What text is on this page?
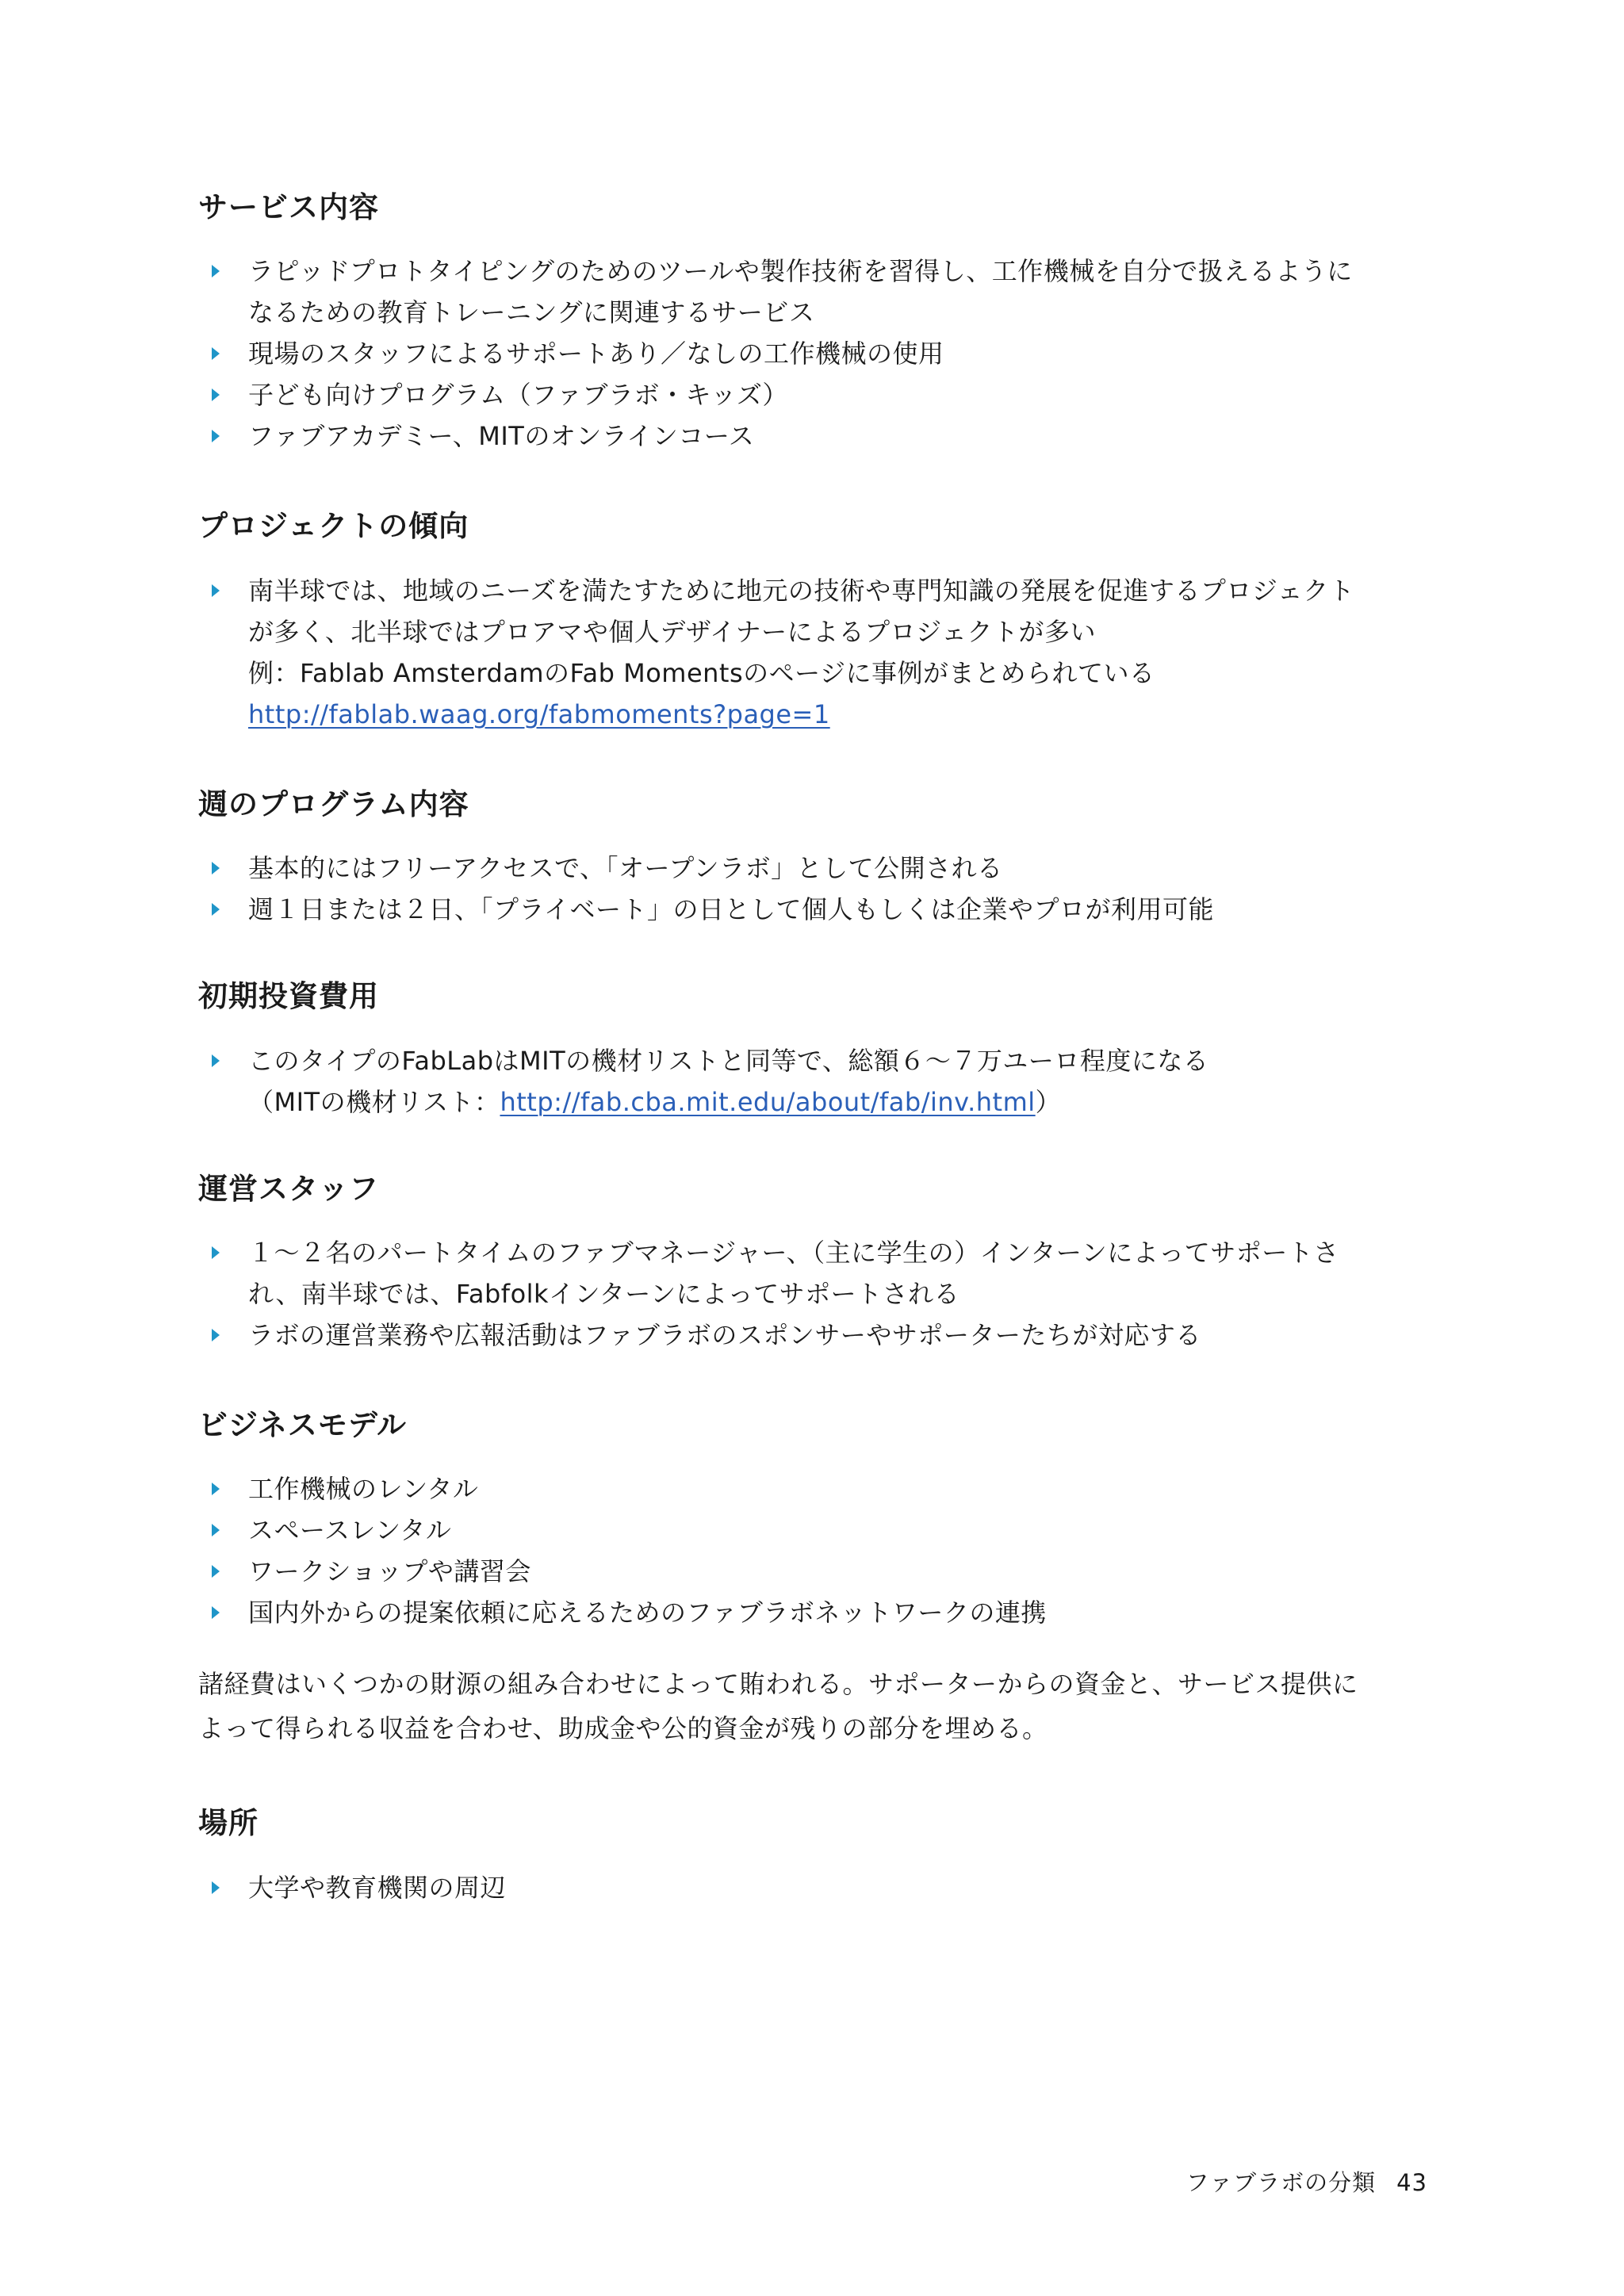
サービス内容
ラピッドプロトタイピングのためのツールや製作技術を習得し、工作機械を自分で扱えるように
なるための教育トレーニングに関連するサービス
現場のスタッフによるサポートあり／なしの工作機械の使用
子ども向けプログラム（ファブラボ・キッズ）
ファブアカデミー、MITのオンラインコース
プロジェクトの傾向
南半球では、地域のニーズを満たすために地元の技術や専門知識の発展を促進するプロジェクト
が多く、北半球ではプロアマや個人デザイナーによるプロジェクトが多い
例：Fablab AmsterdamのFab Momentsのページに事例がまとめられている
http://fablab.waag.org/fabmoments?page=1
週のプログラム内容
基本的にはフリーアクセスで、「オープンラボ」として公開される
週１日または２日、「プライベート」の日として個人もしくは企業やプロが利用可能
初期投資費用
このタイプのFabLabはMITの機材リストと同等で、総額６〜７万ユーロ程度になる
（MITの機材リスト：http://fab.cba.mit.edu/about/fab/inv.html）
運営スタッフ
１〜２名のパートタイムのファブマネージャー、（主に学生の）インターンによってサポートさ
れ、南半球では、Fabfolkインターンによってサポートされる
ラボの運営業務や広報活動はファブラボのスポンサーやサポーターたちが対応する
ビジネスモデル
工作機械のレンタル
スペースレンタル
ワークショップや講習会
国内外からの提案依頼に応えるためのファブラボネットワークの連携

諸経費はいくつかの財源の組み合わせによって賄われる。サポーターからの資金と、サービス提供に
よって得られる収益を合わせ、助成金や公的資金が残りの部分を埋める。

場所
大学や教育機関の周辺
ファブラボの分類 43
